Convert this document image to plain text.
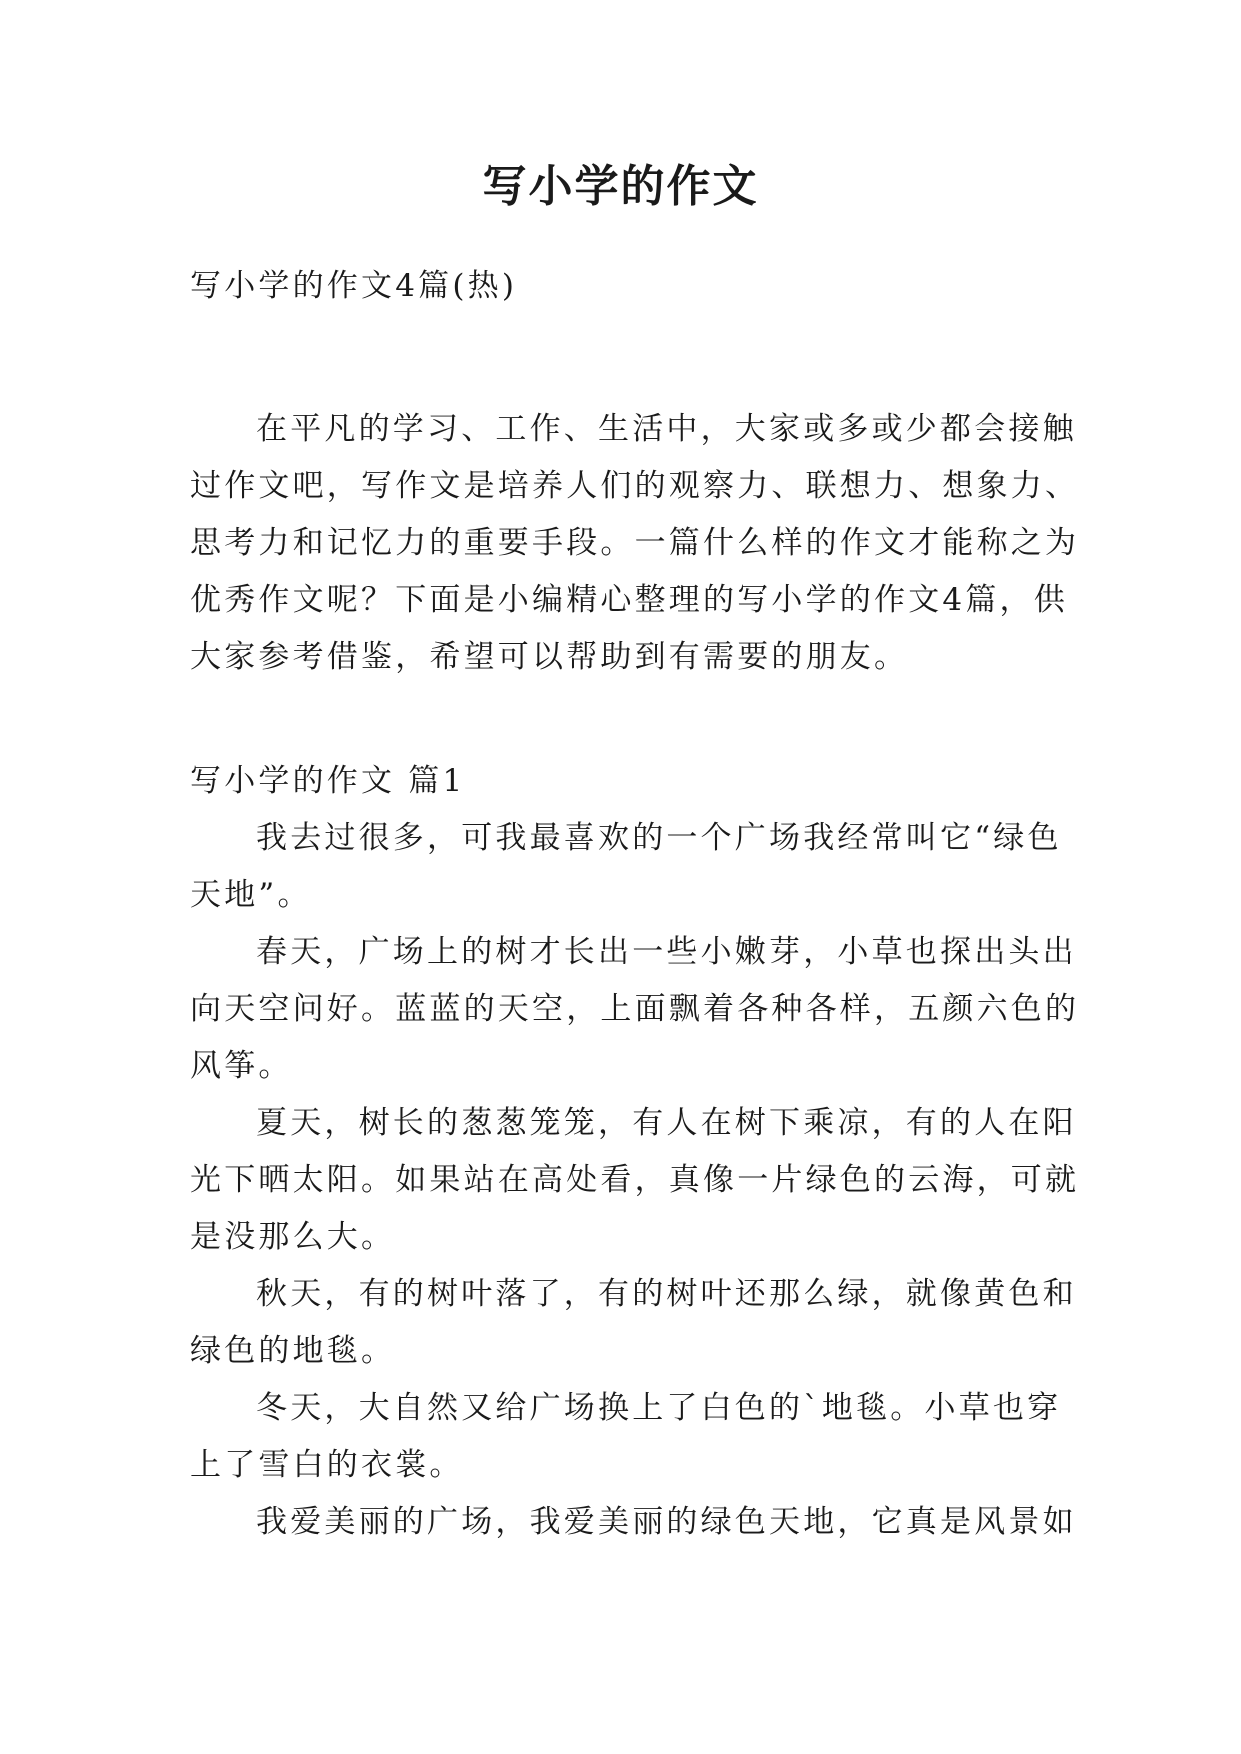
写小学的作文

写小学的作文4篇(热)

在平凡的学习、工作、生活中，大家或多或少都会接触

过作文吧，写作文是培养人们的观察力、联想力、想象力、

思考力和记忆力的重要手段。一篇什么样的作文才能称之为

优秀作文呢？下面是小编精心整理的写小学的作文4篇，供

大家参考借鉴，希望可以帮助到有需要的朋友。

写小学的作文 篇1

我去过很多，可我最喜欢的一个广场我经常叫它“绿色

天地”。

春天，广场上的树才长出一些小嫩芽，小草也探出头出

向天空问好。蓝蓝的天空，上面飘着各种各样，五颜六色的

风筝。

夏天，树长的葱葱笼笼，有人在树下乘凉，有的人在阳

光下晒太阳。如果站在高处看，真像一片绿色的云海，可就

是没那么大。

秋天，有的树叶落了，有的树叶还那么绿，就像黄色和

绿色的地毯。

冬天，大自然又给广场换上了白色的`地毯。小草也穿

上了雪白的衣裳。

我爱美丽的广场，我爱美丽的绿色天地，它真是风景如
